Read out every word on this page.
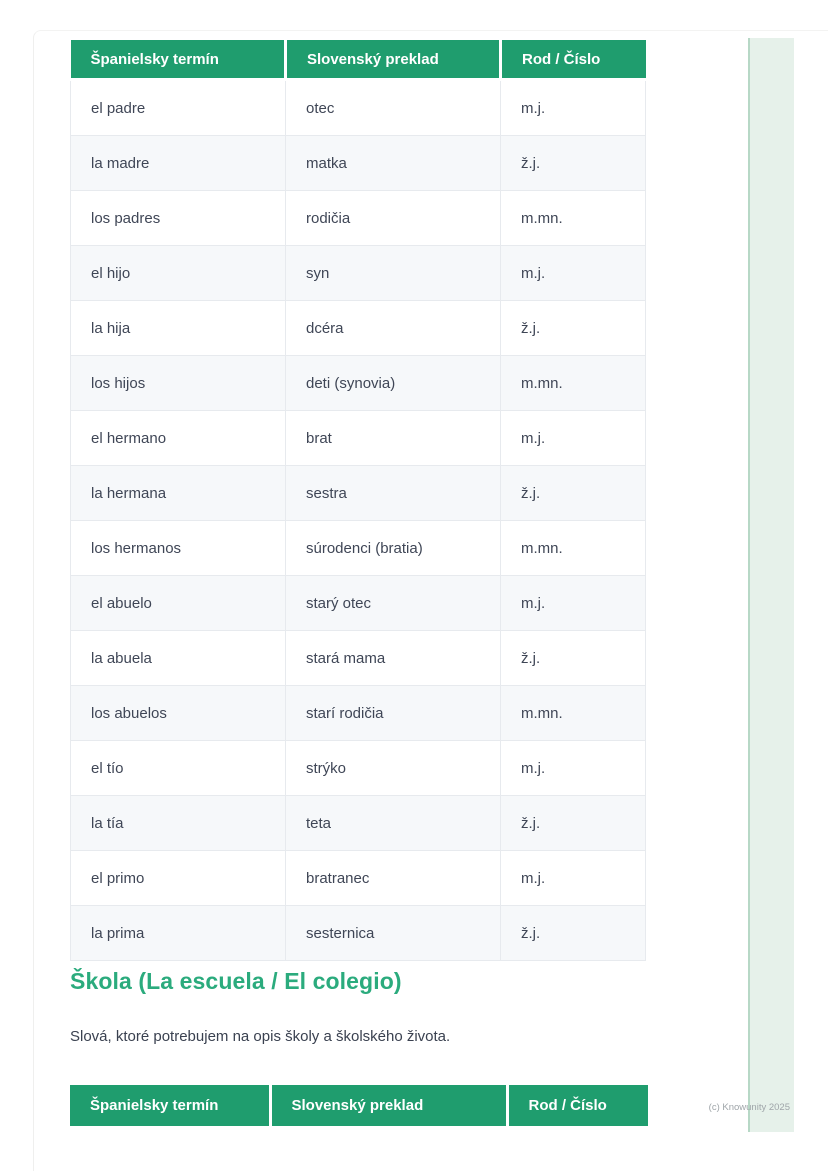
Španielsky termín	Slovenský preklad	Rod / Číslo
el padre	otec	m.j.
la madre	matka	ž.j.
los padres	rodičia	m.mn.
el hijo	syn	m.j.
la hija	dcéra	ž.j.
los hijos	deti (synovia)	m.mn.
el hermano	brat	m.j.
la hermana	sestra	ž.j.
los hermanos	súrodenci (bratia)	m.mn.
el abuelo	starý otec	m.j.
la abuela	stará mama	ž.j.
los abuelos	starí rodičia	m.mn.
el tío	strýko	m.j.
la tía	teta	ž.j.
el primo	bratranec	m.j.
la prima	sesternica	ž.j.
Škola (La escuela / El colegio)

Slová, ktoré potrebujem na opis školy a školského života.

Španielsky termín	Slovenský preklad	Rod / Číslo	(c) Knowunity 2025
